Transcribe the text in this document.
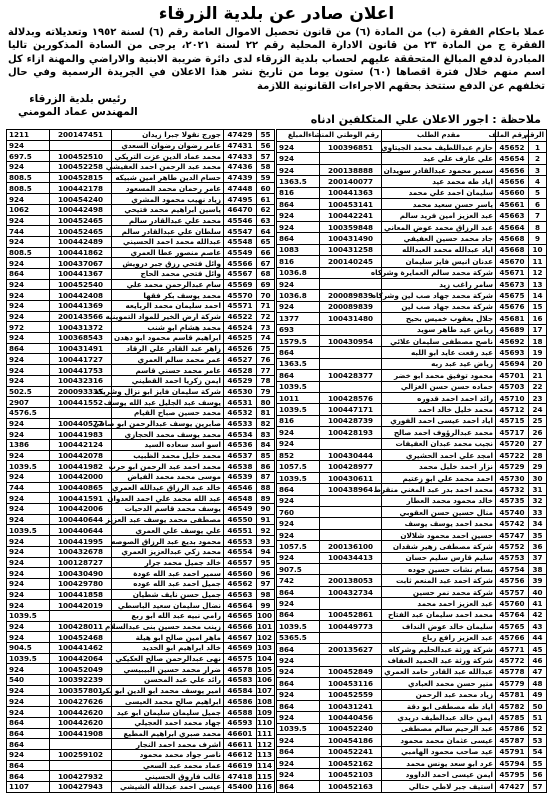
اعلان صادر عن بلدية الزرقاء

عملا باحكام الفقرة (ب) من المادة (٦) من قانون تحصيل الاموال العامة رقم (٦) لسنة ١٩٥٢ وتعديلاته وبدلالة الفقرة ج من المادة ٢٣ من قانون الادارة المحلية رقم ٢٢ لسنة ٢٠٢١، يرجى من السادة المذكورين تاليا المبادرة لدفع المبالغ المتحققة عليهم لحساب بلدية الزرقاء لدى دائرة ضريبة الابنية والاراضي والمهنة ازاء كل اسم منهم خلال فترة اقصاها (٦٠) ستون يوما من تاريخ نشر هذا الاعلان في الجريدة الرسمية وفي حال تخلفهم عن الدفع ستتخذ بحقهم الاجراءات القانونية اللازمة

رئيس بلدية الزرقاء
المهندس عماد المومني
ملاحظة : اجور الاعلان علي المتكلفين ادناه
55	47429	جورج نقولا جبرا زيدان	200147451	1211
56	47431	عامر رضوان رضوان السعدي		924
57	47433	محمد عماد الدين عزت التريكي	100452510	697.5
58	47436	محمد عبد الرحمن احمد العفيشي	100452258	924
59	47439	حسام الدين طاهر امين شبيكه	100452815	808.5
60	47448	عامر رحمان محمد المسعود	100442178	808.5
61	47495	زياد نهيب محمود المشري	100454240	924
62	46470	ياسين ابراهيم محمد فتيحي	100442498	1062
63	45546	محمد علي عبدالقادر سالم	100452465	924
64	45547	سلطان علي عبدالقادر سالم	100452465	744
65	45548	عبدالله محمد احمد الحسيني	100442489	924
66	45549	عاصم منصور عطا العمري	100441862	808.5
67	45566	وائل فتحي رزق جبر درويش	100437067	924
68	45567	وائل فتحي محمد الحاج	100441367	864
69	45569	سام عبدالرحمن محمد علي	100452540	924
70	45570	محمد يوسف بكر فقها	100442408	924
71	45571	احمد سليمان محمد الربايعه	100441369	924
72	46522	شركة ارض الخير للمواد التموينيه	200143566	924
73	46524	محمد هشام ابو شنب	100431372	972
74	46525	ابراهيم قاسم محمود ابو دهدن	100368543	924
75	46526	زاهر عبد القادر علي الرقاد	100431491	864
76	46527	عمر محمد سالم العمري	100441727	924
77	46528	عامر محمد حسني قاسم	100441753	924
78	46529	ايمن زكريا احمد القطيني	100432316	924
79	46530	شركة سليمان فايز ابو نزال وشريكه	200093335	502.5
80	46531	يوسف عبد الجليل عبد الله يوسف	100441552	2907
81	46532	محمد حسين صباح القيام		4576.5
82	46533	صابرين يوسف عبدالرحمن ابو صافي	100440577	924
83	46534	محمد يوسف محمد الحجازي	100441983	924
84	46536	اسو اسد سعاده السيد	100442124	1386
85	46537	محمد خليل محمد الظبيب	100442078	924
86	46538	محمد احمد عبد الرحمن ابو حرب	100441982	1039.5
87	46539	موسى محمد محمد الفياض	100442000	924
88	46546	خالد عبد الرزاق عبدالله العمري	100440865	744
89	46548	عبد الله محمد علي احمد العدوان	100441591	924
90	46549	يوسف محمد قاسم الدحيات	100442006	924
91	46550	مصطفى محمد يوسف عبد العزيز	100440644	924
92	46551	علي يوسف علي العمري	100440644	1039.5
93	46553	محمود بديع عبد الرزاق الصوصه	100441995	924
94	46554	محمد زكي عبدالعزيز العمري	100432678	924
95	46557	خالد جميل محمد جرار	100128727	924
96	46560	سمير احمد عبد الله عودة	100430490	924
97	46562	جميل احمد عبد الله عوده	100429780	924
98	46563	جميل حسن نايف شطيان	100441858	924
99	46564	نضال سليمان سعيد الباسطي	100442019	924
100	46565	رامي نبيه عبد الله ابو ربع		1039.5
101	46566	زينب محمد حسين بنى عبدالسلام	100428011	924
102	46567	ماهر امين صالح ابو هيلة	100452468	924
103	46569	خالد ابراهيم ابو الحديد	100441462	904.5
104	46575	نهى عبدالرحمن صالح العكيكي	100442064	1039.5
105	46578	ضرار محمد حسين البيبيسي	100452049	924
106	46583	رائد علي عبد المحسن	100392239	540
107	46584	امير يوسف محمد ابو الدين ابو بكر	100357801	924
108	46586	ابراهيم صالح محمد العيسى	100427626	924
109	46588	جميل سليمان سليمان ابو عيد	100442620	924
110	46593	جهاد محمد احمد العجيلي	100442620	864
111	46601	محمد صبري ابراهيم المطيع	100441908	864
112	46611	اشرف محمد احمد النجار		864
113	46612	ناصر جواد محمد محمود	100259102	924
114	46619	عماد محمد عبد السعي		864
115	47418	غالب فاروق الحسيني	100427932	864
116	45400	عيسى احمد عبدالله الشيشي	100427943	1107
الرقم	رقم الملف	مقدم الطلب	رقم الوطني المنشاء	المبلغ
1	45652	حازم عبداللطيف محمد الجيتاوي	100396851	924
2	45654	علي عارف علي عيد		924
3	45656	سمير محمود عبدالقادر سويدان	200138888	924
4	45656	اياد طه محمد عيد	200140077	1363.5
5	45660	سليمان احمد علي محمد	100441363	816
6	45661	ياسر حسن سعيد محمد	100453141	864
7	45663	عبد العزيز امين فريد سالم	100442241	924
8	45664	عبد الرزاق محمد عوض المعاني	100359848	924
9	45668	جاد محمد حسين العفيفي	100431490	864
10	45668	اياد عبدالله محمد العبدالله	100431258	1083
11	45670	عدنان انيس فايز سليمان	200140245	816
12	45671	شركة محمد سالم العمايرة وشركاه		1036.8
13	45673	سامر راغب زيد		924
14	45675	شركة محمد جهاد صب لين وشركاه	200089839	1036.8
15	45676	شركة محمد جهاد صب لين	200089839	924
16	45681	جلال يعقوب خميس بحيح	100431480	1377
17	45689	رياض عيد طاهر سويد		693
18	45692	ناصح مصطفى سليمان علائي	100430954	1579.5
19	45693	عبد رفعت عايد ابو اللبه		864
20	45694	رياض عيد عبد ربه		1363.5
21	45701	محمود توفيق محمد ابو خضر	100428377	864
22	45703	حماده حسن حسن الغزالي		1039.5
23	45710	رائد احمد احمد قدوره	100428576	1011
24	45712	محمد خليل خالد احمد	100447171	1039.5
25	45715	اياد احمد عيسى احمد الفوري	100428739	816
26	45717	محمد عبدالرؤوف احمد صالح	100428193	924
27	45720	نجيب محمد عبدان العفيفات		924
28	45722	امجد علي احمد الحشيري	100430444	852
29	45729	نزار احمد خليل محمد	100428977	1057.5
30	45730	احمد محمد علي ابو زعتيم	100430611	1039.5
31	45732	محمد احمد بدر عبد المغني منقرط	100438964	864
32	45735	خالد محمود محمد العطار		924
33	45740	منال حسين حسن العقوبي		760
34	45742	محمد احمد يوسف يوسف		924
35	45747	حسين احمد محمود شلالان		924
36	45752	شركة مصطفى زهير شقدان	200136100	1057.5
37	45753	سليم قارس سليم حسان	100434413	924
38	45754	بسام نشات حسين جوده		907.5
39	45756	شركة احمد عبد المنعم ثابت	200138053	742
40	45757	شركة محمد نمر حسين	100432734	864
41	45760	عبد العزيز احمد محمد		924
42	45764	محمد احمد سليمان عبد الفتاح	100452861	864
43	45765	سليمان خالد عوض النداف	100449773	1039.5
44	45766	عبد العزيز رافع رباع		5365.5
45	45771	شركة ورثة عبدالحليم وشركاه	200135627	864
46	45772	شركة ورثة عبد الحميد العفاف		924
47	45778	عبدالله عبد القادر حامد العمري	100452849	924
48	45779	منير حسن محمد العبادي	100453116	864
49	45781	زياد محمد عبد الرحمن	100452559	924
50	45782	اياد طه مصطفى ابو دقة	100431241	864
51	45785	ايمن خالد عبدالطيف دريدي	100440456	924
52	45786	عبد الرحيم سالم مصطفى	100452240	1039.5
53	45787	عيسى عثمان محمد محمود	100454186	924
54	45791	عيد صاحب محمود الهامبي	100452241	864
55	45794	عرد ابو سعد يونس محمد	100452162	924
56	45795	ايمن عيسى احمد الداوود	100452103	924
57	47427	استيف جبر لاطي حتالي	100452163	864
